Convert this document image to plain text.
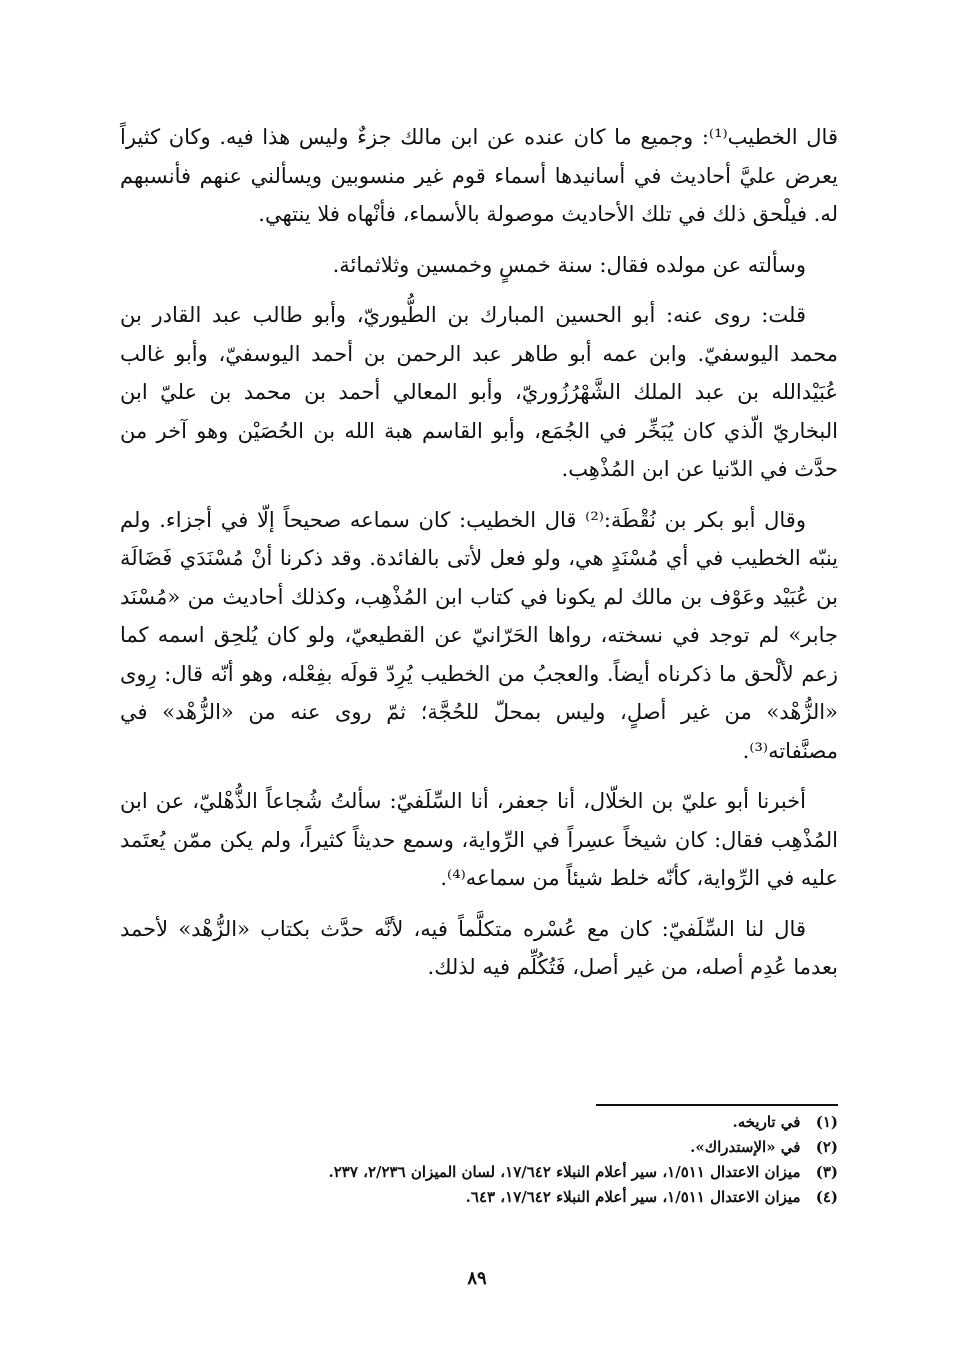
قال الخطيب⁽¹⁾: وجميع ما كان عنده عن ابن مالك جزءٌ وليس هذا فيه. وكان كثيراً يعرض عليَّ أحاديث في أسانيدها أسماء قوم غير منسوبين ويسألني عنهم فأنسبهم له. فيلْحق ذلك في تلك الأحاديث موصولة بالأسماء، فأنْهاه فلا ينتهي.

وسألته عن مولده فقال: سنة خمسٍ وخمسين وثلاثمائة.

قلت: روى عنه: أبو الحسين المبارك بن الطُّيوريّ، وأبو طالب عبد القادر بن محمد اليوسفيّ. وابن عمه أبو طاهر عبد الرحمن بن أحمد اليوسفيّ، وأبو غالب عُبَيْدالله بن عبد الملك الشَّهْرُزُوريّ، وأبو المعالي أحمد بن محمد بن عليّ ابن البخاريّ الّذي كان يُبَخِّر في الجُمَع، وأبو القاسم هبة الله بن الحُصَيْن وهو آخر من حدَّث في الدّنيا عن ابن المُذْهِب.

وقال أبو بكر بن نُقْطَة:⁽²⁾ قال الخطيب: كان سماعه صحيحاً إلّا في أجزاء. ولم ينبّه الخطيب في أي مُسْنَدٍ هي، ولو فعل لأتى بالفائدة. وقد ذكرنا أنْ مُسْنَدَي فَضَالَة بن عُبَيْد وعَوْف بن مالك لم يكونا في كتاب ابن المُذْهِب، وكذلك أحاديث من «مُسْنَد جابر» لم توجد في نسخته، رواها الحَرّانيّ عن القطيعيّ، ولو كان يُلحِق اسمه كما زعم لألْحق ما ذكرناه أيضاً. والعجبُ من الخطيب يُرِدّ قولَه بفِعْله، وهو أنّه قال: رِوى «الزُّهْد» من غير أصلٍ، وليس بمحلّ للحُجَّة؛ ثمّ روى عنه من «الزُّهْد» في مصنَّفاته⁽³⁾.

أخبرنا أبو عليّ بن الخلّال، أنا جعفر، أنا السِّلَفيّ: سألتُ شُجاعاً الذُّهْليّ، عن ابن المُذْهِب فقال: كان شيخاً عسِراً في الرِّواية، وسمع حديثاً كثيراً، ولم يكن ممّن يُعتَمد عليه في الرِّواية، كأنّه خلط شيئاً من سماعه⁽⁴⁾.

قال لنا السِّلَفيّ: كان مع عُسْره متكلَّماً فيه، لأنَّه حدَّث بكتاب «الزُّهْد» لأحمد بعدما عُدِم أصله، من غير أصل، فَتُكُلِّم فيه لذلك.

(١) في تاريخه.

(٢) في «الإستدراك».

(٣) ميزان الاعتدال ١/٥١١، سير أعلام النبلاء ١٧/٦٤٢، لسان الميزان ٢/٢٣٦، ٢٣٧.

(٤) ميزان الاعتدال ١/٥١١، سير أعلام النبلاء ١٧/٦٤٢، ٦٤٣.

٨٩
